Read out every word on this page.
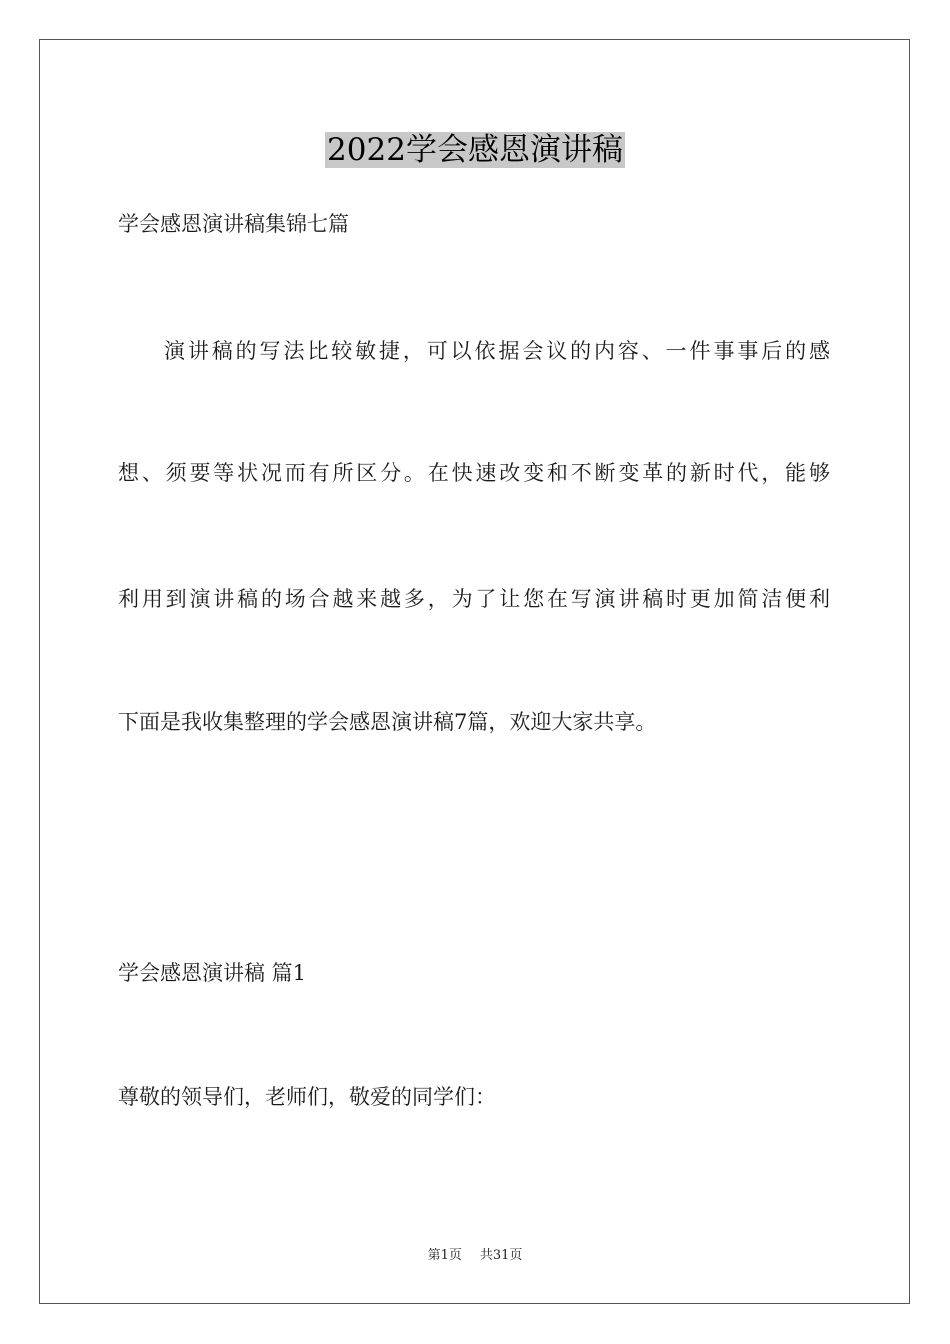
2022学会感恩演讲稿
学会感恩演讲稿集锦七篇
演讲稿的写法比较敏捷，可以依据会议的内容、一件事事后的感
想、须要等状况而有所区分。在快速改变和不断变革的新时代，能够
利用到演讲稿的场合越来越多，为了让您在写演讲稿时更加简洁便利
下面是我收集整理的学会感恩演讲稿7篇，欢迎大家共享。
学会感恩演讲稿 篇1
尊敬的领导们，老师们，敬爱的同学们：
第1页 共31页
